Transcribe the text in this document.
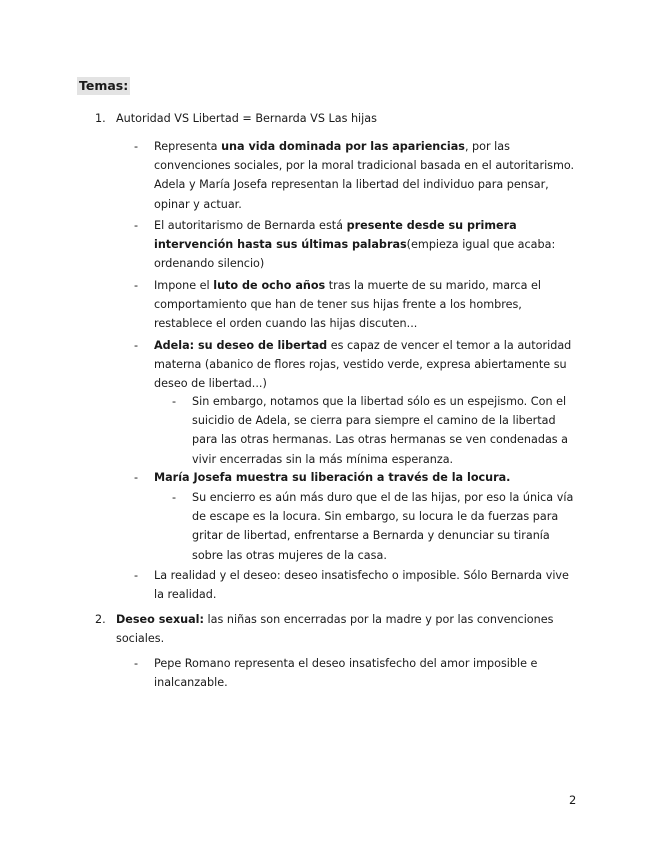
Temas:
1. Autoridad VS Libertad = Bernarda VS Las hijas
- Representa una vida dominada por las apariencias, por las convenciones sociales, por la moral tradicional basada en el autoritarismo. Adela y María Josefa representan la libertad del individuo para pensar, opinar y actuar.
- El autoritarismo de Bernarda está presente desde su primera intervención hasta sus últimas palabras(empieza igual que acaba: ordenando silencio)
- Impone el luto de ocho años tras la muerte de su marido, marca el comportamiento que han de tener sus hijas frente a los hombres, restablece el orden cuando las hijas discuten...
- Adela: su deseo de libertad es capaz de vencer el temor a la autoridad materna (abanico de flores rojas, vestido verde, expresa abiertamente su deseo de libertad...)
- Sin embargo, notamos que la libertad sólo es un espejismo. Con el suicidio de Adela, se cierra para siempre el camino de la libertad para las otras hermanas. Las otras hermanas se ven condenadas a vivir encerradas sin la más mínima esperanza.
- María Josefa muestra su liberación a través de la locura.
- Su encierro es aún más duro que el de las hijas, por eso la única vía de escape es la locura. Sin embargo, su locura le da fuerzas para gritar de libertad, enfrentarse a Bernarda y denunciar su tiranía sobre las otras mujeres de la casa.
- La realidad y el deseo: deseo insatisfecho o imposible. Sólo Bernarda vive la realidad.
2. Deseo sexual: las niñas son encerradas por la madre y por las convenciones sociales.
- Pepe Romano representa el deseo insatisfecho del amor imposible e inalcanzable.
2
